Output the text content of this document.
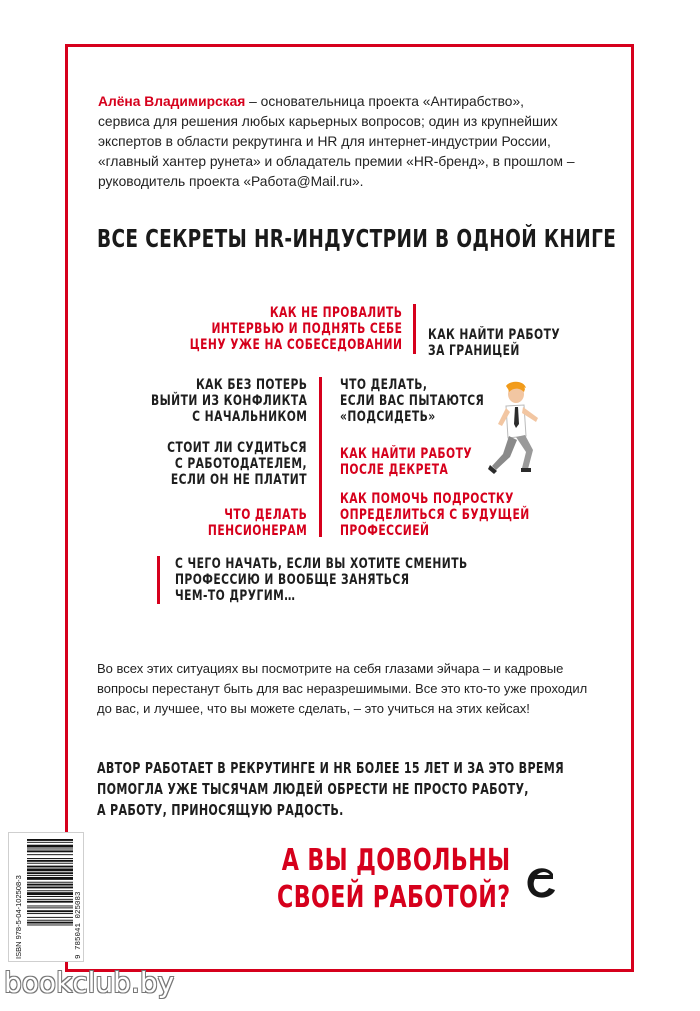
Алёна Владимирская – основательница проекта «Антирабство»,
сервиса для решения любых карьерных вопросов; один из крупнейших
экспертов в области рекрутинга и HR для интернет-индустрии России,
«главный хантер рунета» и обладатель премии «HR-бренд», в прошлом –
руководитель проекта «Работа@Mail.ru».
ВСЕ СЕКРЕТЫ HR-ИНДУСТРИИ В ОДНОЙ КНИГЕ
КАК НЕ ПРОВАЛИТЬ
ИНТЕРВЬЮ И ПОДНЯТЬ СЕБЕ
ЦЕНУ УЖЕ НА СОБЕСЕДОВАНИИ
КАК НАЙТИ РАБОТУ
ЗА ГРАНИЦЕЙ
КАК БЕЗ ПОТЕРЬ
ВЫЙТИ ИЗ КОНФЛИКТА
С НАЧАЛЬНИКОМ
ЧТО ДЕЛАТЬ,
ЕСЛИ ВАС ПЫТАЮТСЯ
«ПОДСИДЕТЬ»
СТОИТ ЛИ СУДИТЬСЯ
С РАБОТОДАТЕЛЕМ,
ЕСЛИ ОН НЕ ПЛАТИТ
КАК НАЙТИ РАБОТУ
ПОСЛЕ ДЕКРЕТА
ЧТО ДЕЛАТЬ
ПЕНСИОНЕРАМ
КАК ПОМОЧЬ ПОДРОСТКУ
ОПРЕДЕЛИТЬСЯ С БУДУЩЕЙ
ПРОФЕССИЕЙ
С ЧЕГО НАЧАТЬ, ЕСЛИ ВЫ ХОТИТЕ СМЕНИТЬ
ПРОФЕССИЮ И ВООБЩЕ ЗАНЯТЬСЯ
ЧЕМ-ТО ДРУГИМ…
Во всех этих ситуациях вы посмотрите на себя глазами эйчара – и кадровые
вопросы перестанут быть для вас неразрешимыми. Все это кто-то уже проходил
до вас, и лучшее, что вы можете сделать, – это учиться на этих кейсах!
АВТОР РАБОТАЕТ В РЕКРУТИНГЕ И HR БОЛЕЕ 15 ЛЕТ И ЗА ЭТО ВРЕМЯ
ПОМОГЛА УЖЕ ТЫСЯЧАМ ЛЮДЕЙ ОБРЕСТИ НЕ ПРОСТО РАБОТУ,
А РАБОТУ, ПРИНОСЯЩУЮ РАДОСТЬ.
А ВЫ ДОВОЛЬНЫ
СВОЕЙ РАБОТОЙ?
ISBN 978-5-04-102508-3	9 785041 025083
bookclub.by
